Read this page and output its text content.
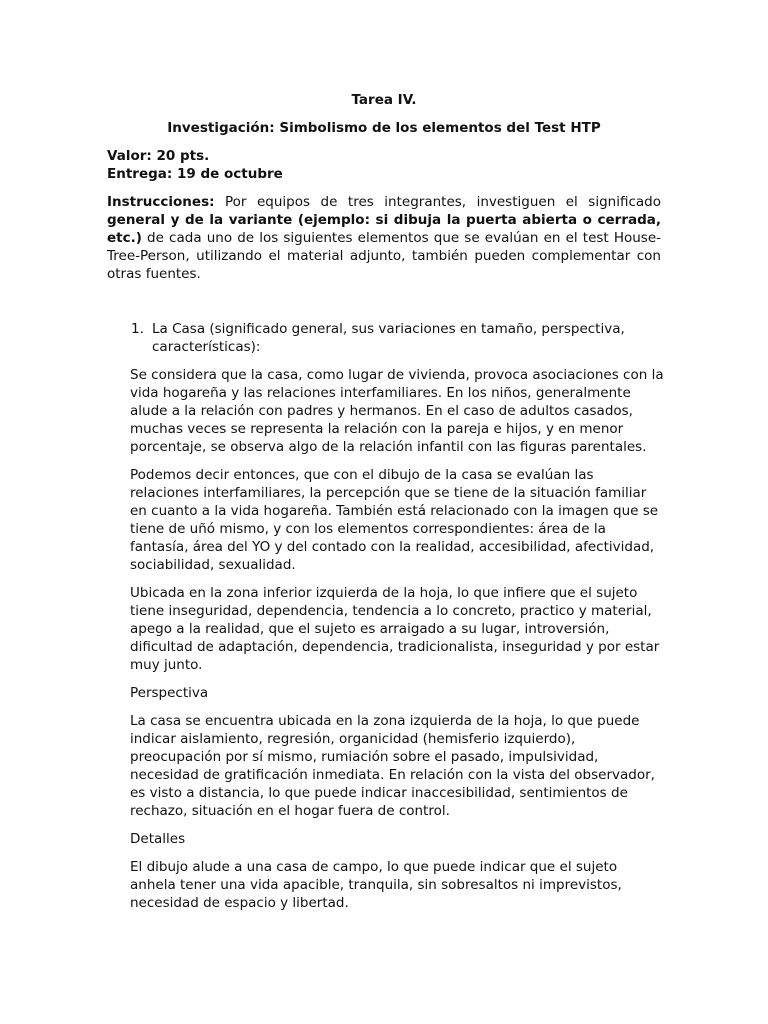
Tarea IV.

Investigación: Simbolismo de los elementos del Test HTP

Valor: 20 pts.

Entrega: 19 de octubre

Instrucciones: Por equipos de tres integrantes, investiguen el significado general y de la variante (ejemplo: si dibuja la puerta abierta o cerrada, etc.) de cada uno de los siguientes elementos que se evalúan en el test House-Tree-Person, utilizando el material adjunto, también pueden complementar con otras fuentes.

1. La Casa (significado general, sus variaciones en tamaño, perspectiva, características):

Se considera que la casa, como lugar de vivienda, provoca asociaciones con la vida hogareña y las relaciones interfamiliares. En los niños, generalmente alude a la relación con padres y hermanos. En el caso de adultos casados, muchas veces se representa la relación con la pareja e hijos, y en menor porcentaje, se observa algo de la relación infantil con las figuras parentales.

Podemos decir entonces, que con el dibujo de la casa se evalúan las relaciones interfamiliares, la percepción que se tiene de la situación familiar en cuanto a la vida hogareña. También está relacionado con la imagen que se tiene de uñó mismo, y con los elementos correspondientes: área de la fantasía, área del YO y del contado con la realidad, accesibilidad, afectividad, sociabilidad, sexualidad.

Ubicada en la zona inferior izquierda de la hoja, lo que infiere que el sujeto tiene inseguridad, dependencia, tendencia a lo concreto, practico y material, apego a la realidad, que el sujeto es arraigado a su lugar, introversión, dificultad de adaptación, dependencia, tradicionalista, inseguridad y por estar muy junto.

Perspectiva

La casa se encuentra ubicada en la zona izquierda de la hoja, lo que puede indicar aislamiento, regresión, organicidad (hemisferio izquierdo), preocupación por sí mismo, rumiación sobre el pasado, impulsividad, necesidad de gratificación inmediata. En relación con la vista del observador, es visto a distancia, lo que puede indicar inaccesibilidad, sentimientos de rechazo, situación en el hogar fuera de control.

Detalles

El dibujo alude a una casa de campo, lo que puede indicar que el sujeto anhela tener una vida apacible, tranquila, sin sobresaltos ni imprevistos, necesidad de espacio y libertad.
